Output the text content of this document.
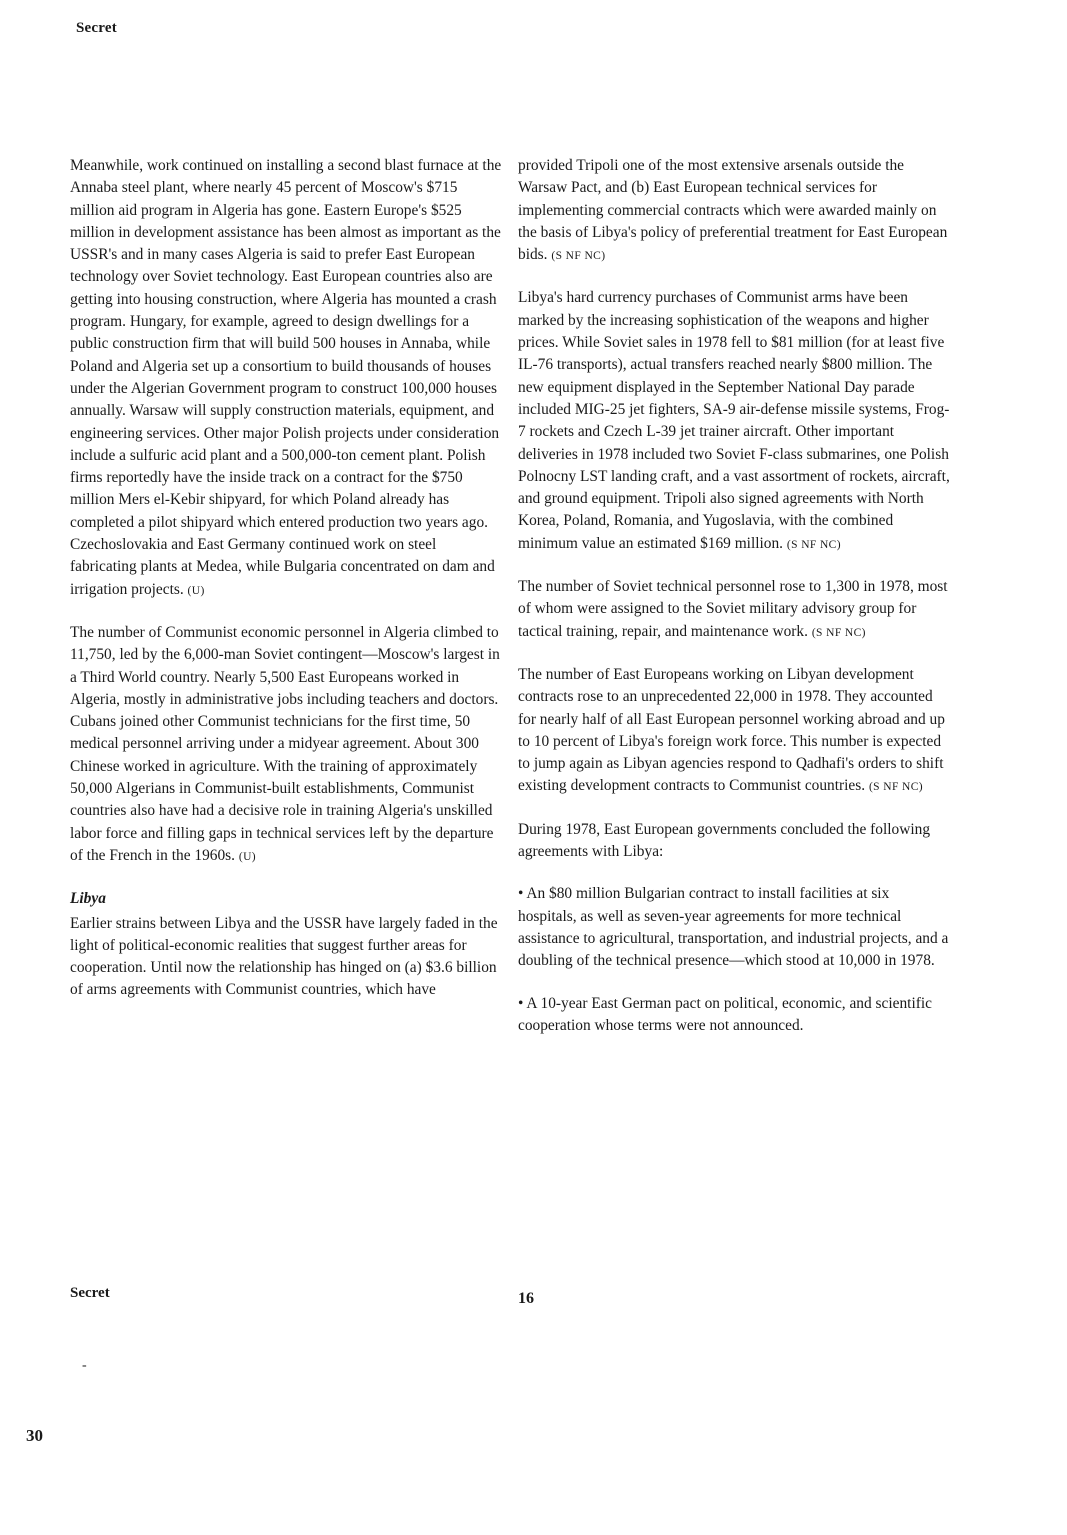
Secret

Meanwhile, work continued on installing a second blast furnace at the Annaba steel plant, where nearly 45 percent of Moscow's $715 million aid program in Algeria has gone. Eastern Europe's $525 million in development assistance has been almost as important as the USSR's and in many cases Algeria is said to prefer East European technology over Soviet technology. East European countries also are getting into housing construction, where Algeria has mounted a crash program. Hungary, for example, agreed to design dwellings for a public construction firm that will build 500 houses in Annaba, while Poland and Algeria set up a consortium to build thousands of houses under the Algerian Government program to construct 100,000 houses annually. Warsaw will supply construction materials, equipment, and engineering services. Other major Polish projects under consideration include a sulfuric acid plant and a 500,000-ton cement plant. Polish firms reportedly have the inside track on a contract for the $750 million Mers el-Kebir shipyard, for which Poland already has completed a pilot shipyard which entered production two years ago. Czechoslovakia and East Germany continued work on steel fabricating plants at Medea, while Bulgaria concentrated on dam and irrigation projects. (U)

The number of Communist economic personnel in Algeria climbed to 11,750, led by the 6,000-man Soviet contingent—Moscow's largest in a Third World country. Nearly 5,500 East Europeans worked in Algeria, mostly in administrative jobs including teachers and doctors. Cubans joined other Communist technicians for the first time, 50 medical personnel arriving under a midyear agreement. About 300 Chinese worked in agriculture. With the training of approximately 50,000 Algerians in Communist-built establishments, Communist countries also have had a decisive role in training Algeria's unskilled labor force and filling gaps in technical services left by the departure of the French in the 1960s. (U)

Libya

Earlier strains between Libya and the USSR have largely faded in the light of political-economic realities that suggest further areas for cooperation. Until now the relationship has hinged on (a) $3.6 billion of arms agreements with Communist countries, which have

provided Tripoli one of the most extensive arsenals outside the Warsaw Pact, and (b) East European technical services for implementing commercial contracts which were awarded mainly on the basis of Libya's policy of preferential treatment for East European bids. (S NF NC)

Libya's hard currency purchases of Communist arms have been marked by the increasing sophistication of the weapons and higher prices. While Soviet sales in 1978 fell to $81 million (for at least five IL-76 transports), actual transfers reached nearly $800 million. The new equipment displayed in the September National Day parade included MIG-25 jet fighters, SA-9 air-defense missile systems, Frog-7 rockets and Czech L-39 jet trainer aircraft. Other important deliveries in 1978 included two Soviet F-class submarines, one Polish Polnocny LST landing craft, and a vast assortment of rockets, aircraft, and ground equipment. Tripoli also signed agreements with North Korea, Poland, Romania, and Yugoslavia, with the combined minimum value an estimated $169 million. (S NF NC)

The number of Soviet technical personnel rose to 1,300 in 1978, most of whom were assigned to the Soviet military advisory group for tactical training, repair, and maintenance work. (S NF NC)

The number of East Europeans working on Libyan development contracts rose to an unprecedented 22,000 in 1978. They accounted for nearly half of all East European personnel working abroad and up to 10 percent of Libya's foreign work force. This number is expected to jump again as Libyan agencies respond to Qadhafi's orders to shift existing development contracts to Communist countries. (S NF NC)

During 1978, East European governments concluded the following agreements with Libya:

• An $80 million Bulgarian contract to install facilities at six hospitals, as well as seven-year agreements for more technical assistance to agricultural, transportation, and industrial projects, and a doubling of the technical presence—which stood at 10,000 in 1978.

• A 10-year East German pact on political, economic, and scientific cooperation whose terms were not announced.

Secret	16
-
30
